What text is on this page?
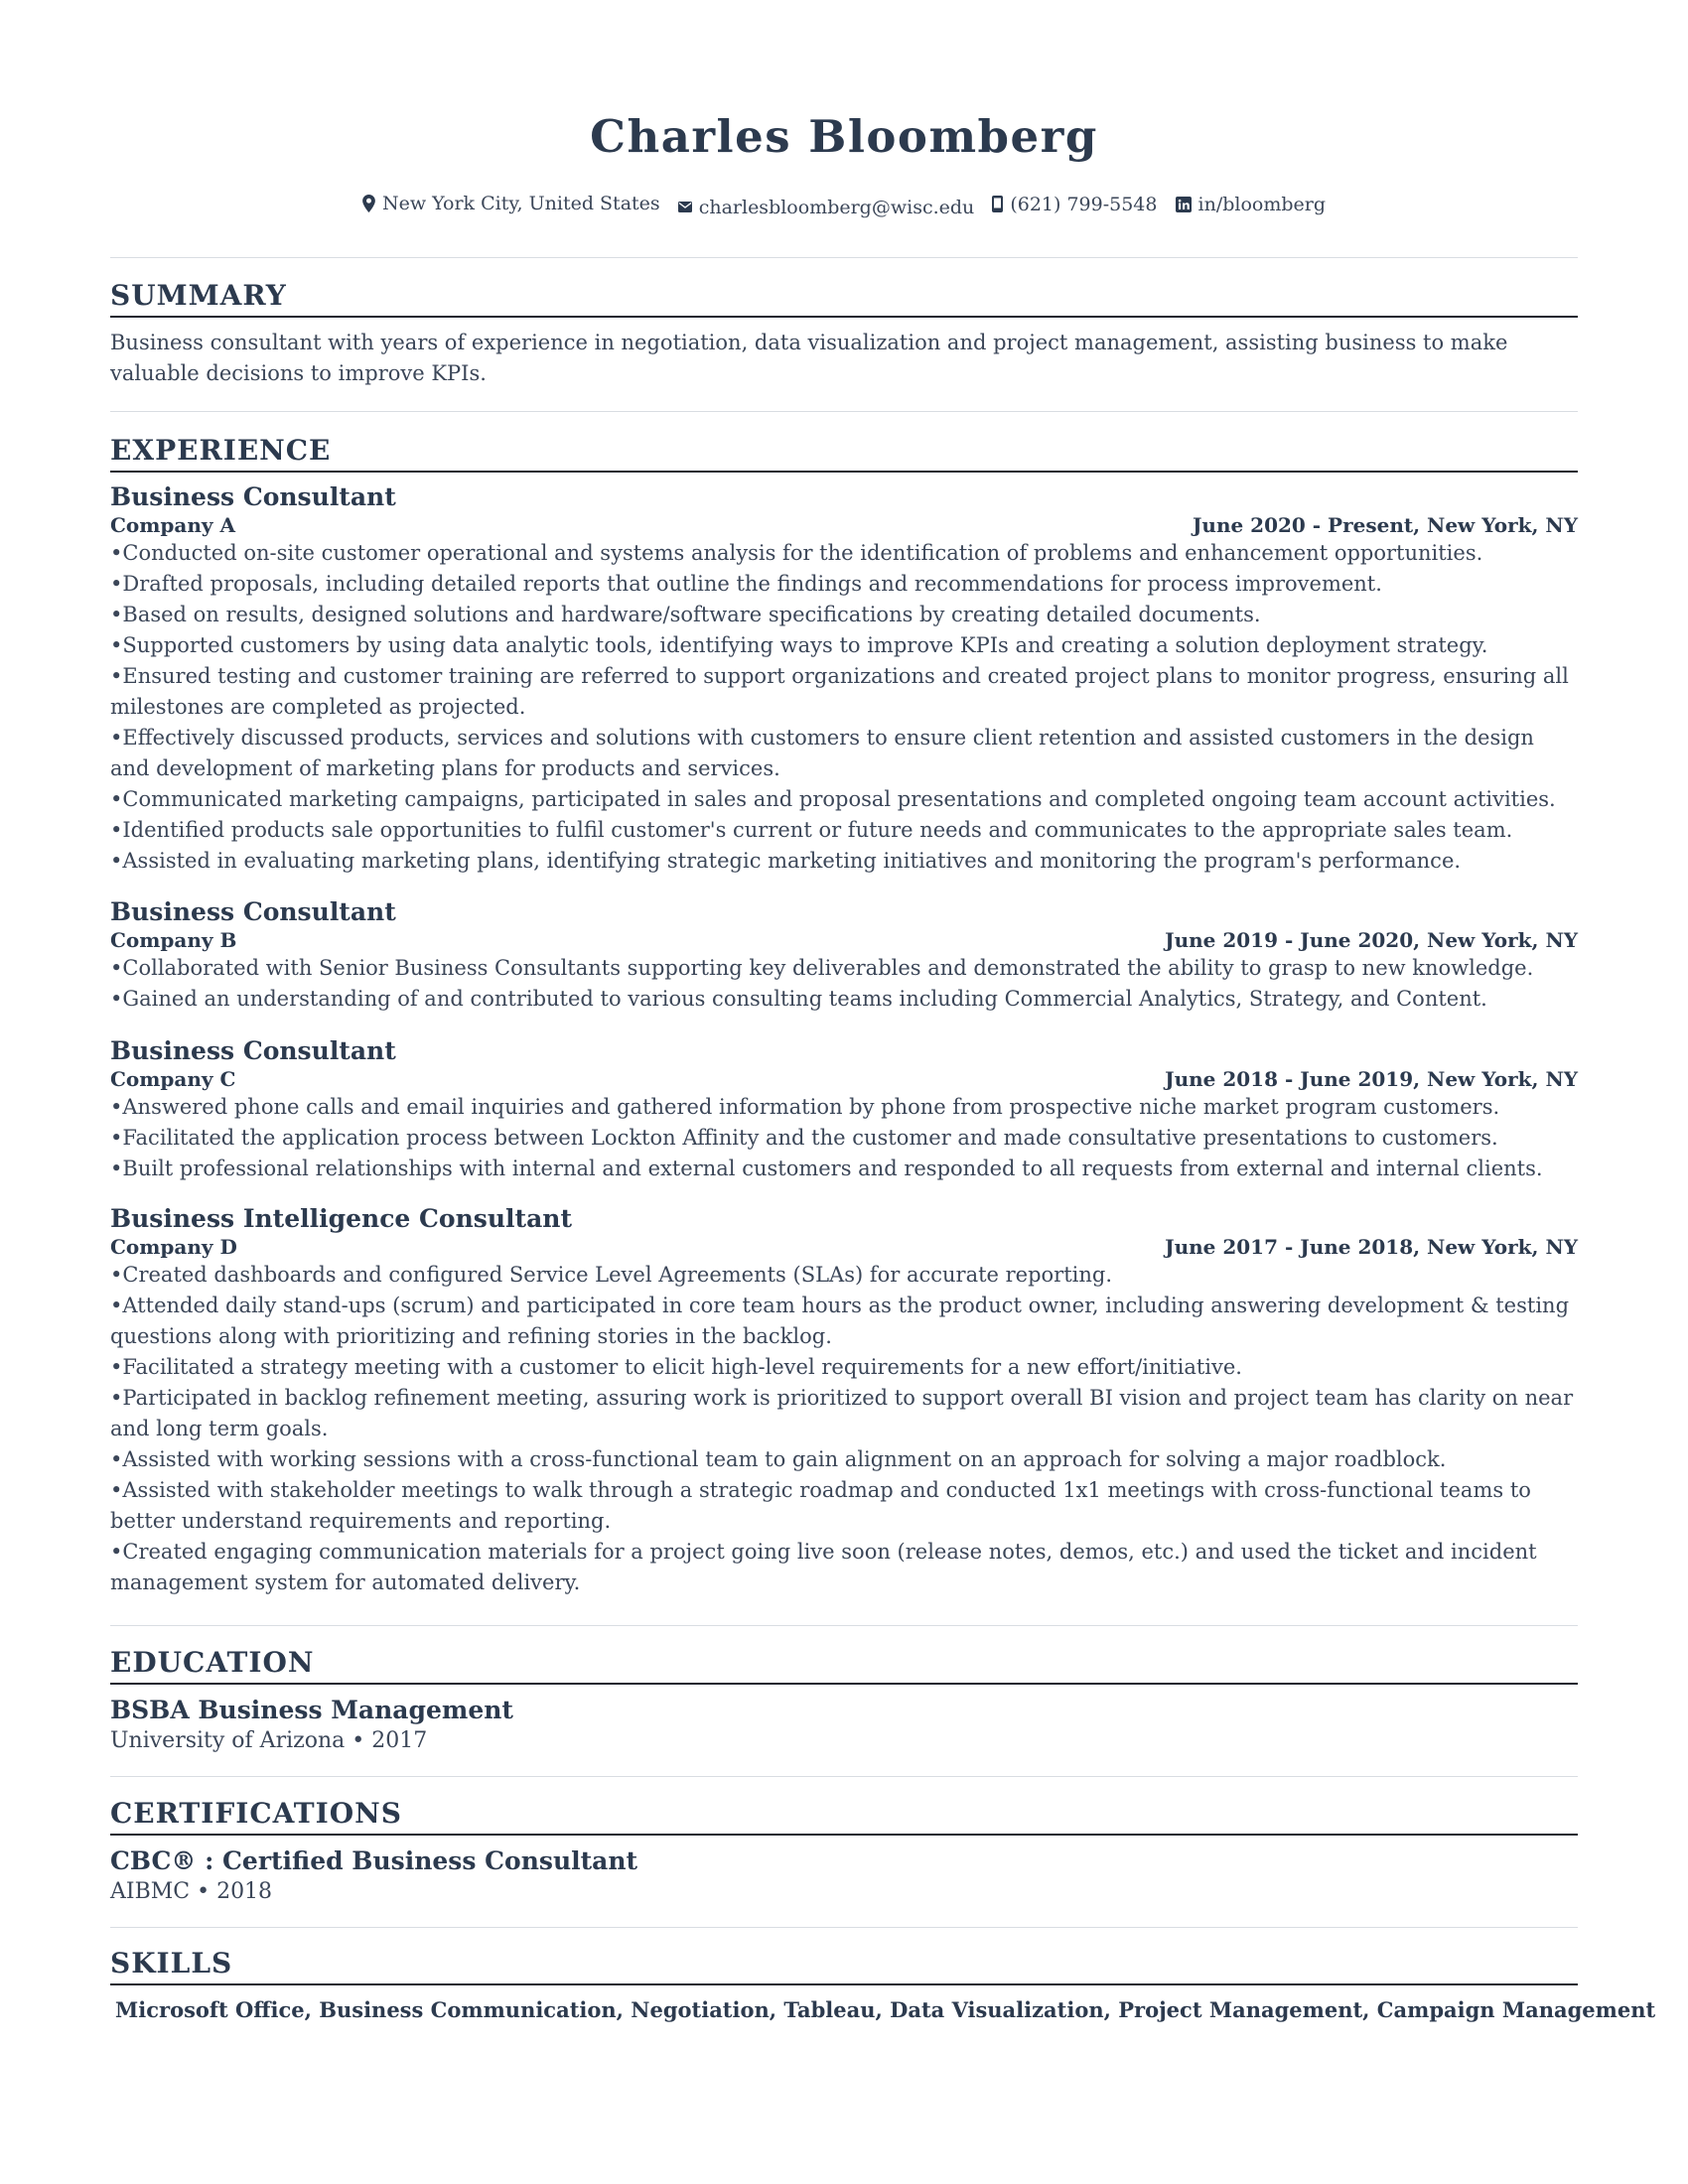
Charles Bloomberg
New York City, United States
charlesbloomberg@wisc.edu
(621) 799-5548
in/bloomberg
SUMMARY
Business consultant with years of experience in negotiation, data visualization and project management, assisting business to make valuable decisions to improve KPIs.
EXPERIENCE
Business Consultant
Company A	June 2020 - Present, New York, NY
• Conducted on-site customer operational and systems analysis for the identification of problems and enhancement opportunities.
• Drafted proposals, including detailed reports that outline the findings and recommendations for process improvement.
• Based on results, designed solutions and hardware/software specifications by creating detailed documents.
• Supported customers by using data analytic tools, identifying ways to improve KPIs and creating a solution deployment strategy.
• Ensured testing and customer training are referred to support organizations and created project plans to monitor progress, ensuring all milestones are completed as projected.
• Effectively discussed products, services and solutions with customers to ensure client retention and assisted customers in the design and development of marketing plans for products and services.
• Communicated marketing campaigns, participated in sales and proposal presentations and completed ongoing team account activities.
• Identified products sale opportunities to fulfil customer's current or future needs and communicates to the appropriate sales team.
• Assisted in evaluating marketing plans, identifying strategic marketing initiatives and monitoring the program's performance.
Business Consultant
Company B	June 2019 - June 2020, New York, NY
• Collaborated with Senior Business Consultants supporting key deliverables and demonstrated the ability to grasp to new knowledge.
• Gained an understanding of and contributed to various consulting teams including Commercial Analytics, Strategy, and Content.
Business Consultant
Company C	June 2018 - June 2019, New York, NY
• Answered phone calls and email inquiries and gathered information by phone from prospective niche market program customers.
• Facilitated the application process between Lockton Affinity and the customer and made consultative presentations to customers.
• Built professional relationships with internal and external customers and responded to all requests from external and internal clients.
Business Intelligence Consultant
Company D	June 2017 - June 2018, New York, NY
• Created dashboards and configured Service Level Agreements (SLAs) for accurate reporting.
• Attended daily stand-ups (scrum) and participated in core team hours as the product owner, including answering development & testing questions along with prioritizing and refining stories in the backlog.
• Facilitated a strategy meeting with a customer to elicit high-level requirements for a new effort/initiative.
• Participated in backlog refinement meeting, assuring work is prioritized to support overall BI vision and project team has clarity on near and long term goals.
• Assisted with working sessions with a cross-functional team to gain alignment on an approach for solving a major roadblock.
• Assisted with stakeholder meetings to walk through a strategic roadmap and conducted 1x1 meetings with cross-functional teams to better understand requirements and reporting.
• Created engaging communication materials for a project going live soon (release notes, demos, etc.) and used the ticket and incident management system for automated delivery.
EDUCATION
BSBA Business Management
University of Arizona • 2017
CERTIFICATIONS
CBC® : Certified Business Consultant
AIBMC • 2018
SKILLS
Microsoft Office, Business Communication, Negotiation, Tableau, Data Visualization, Project Management, Campaign Management
